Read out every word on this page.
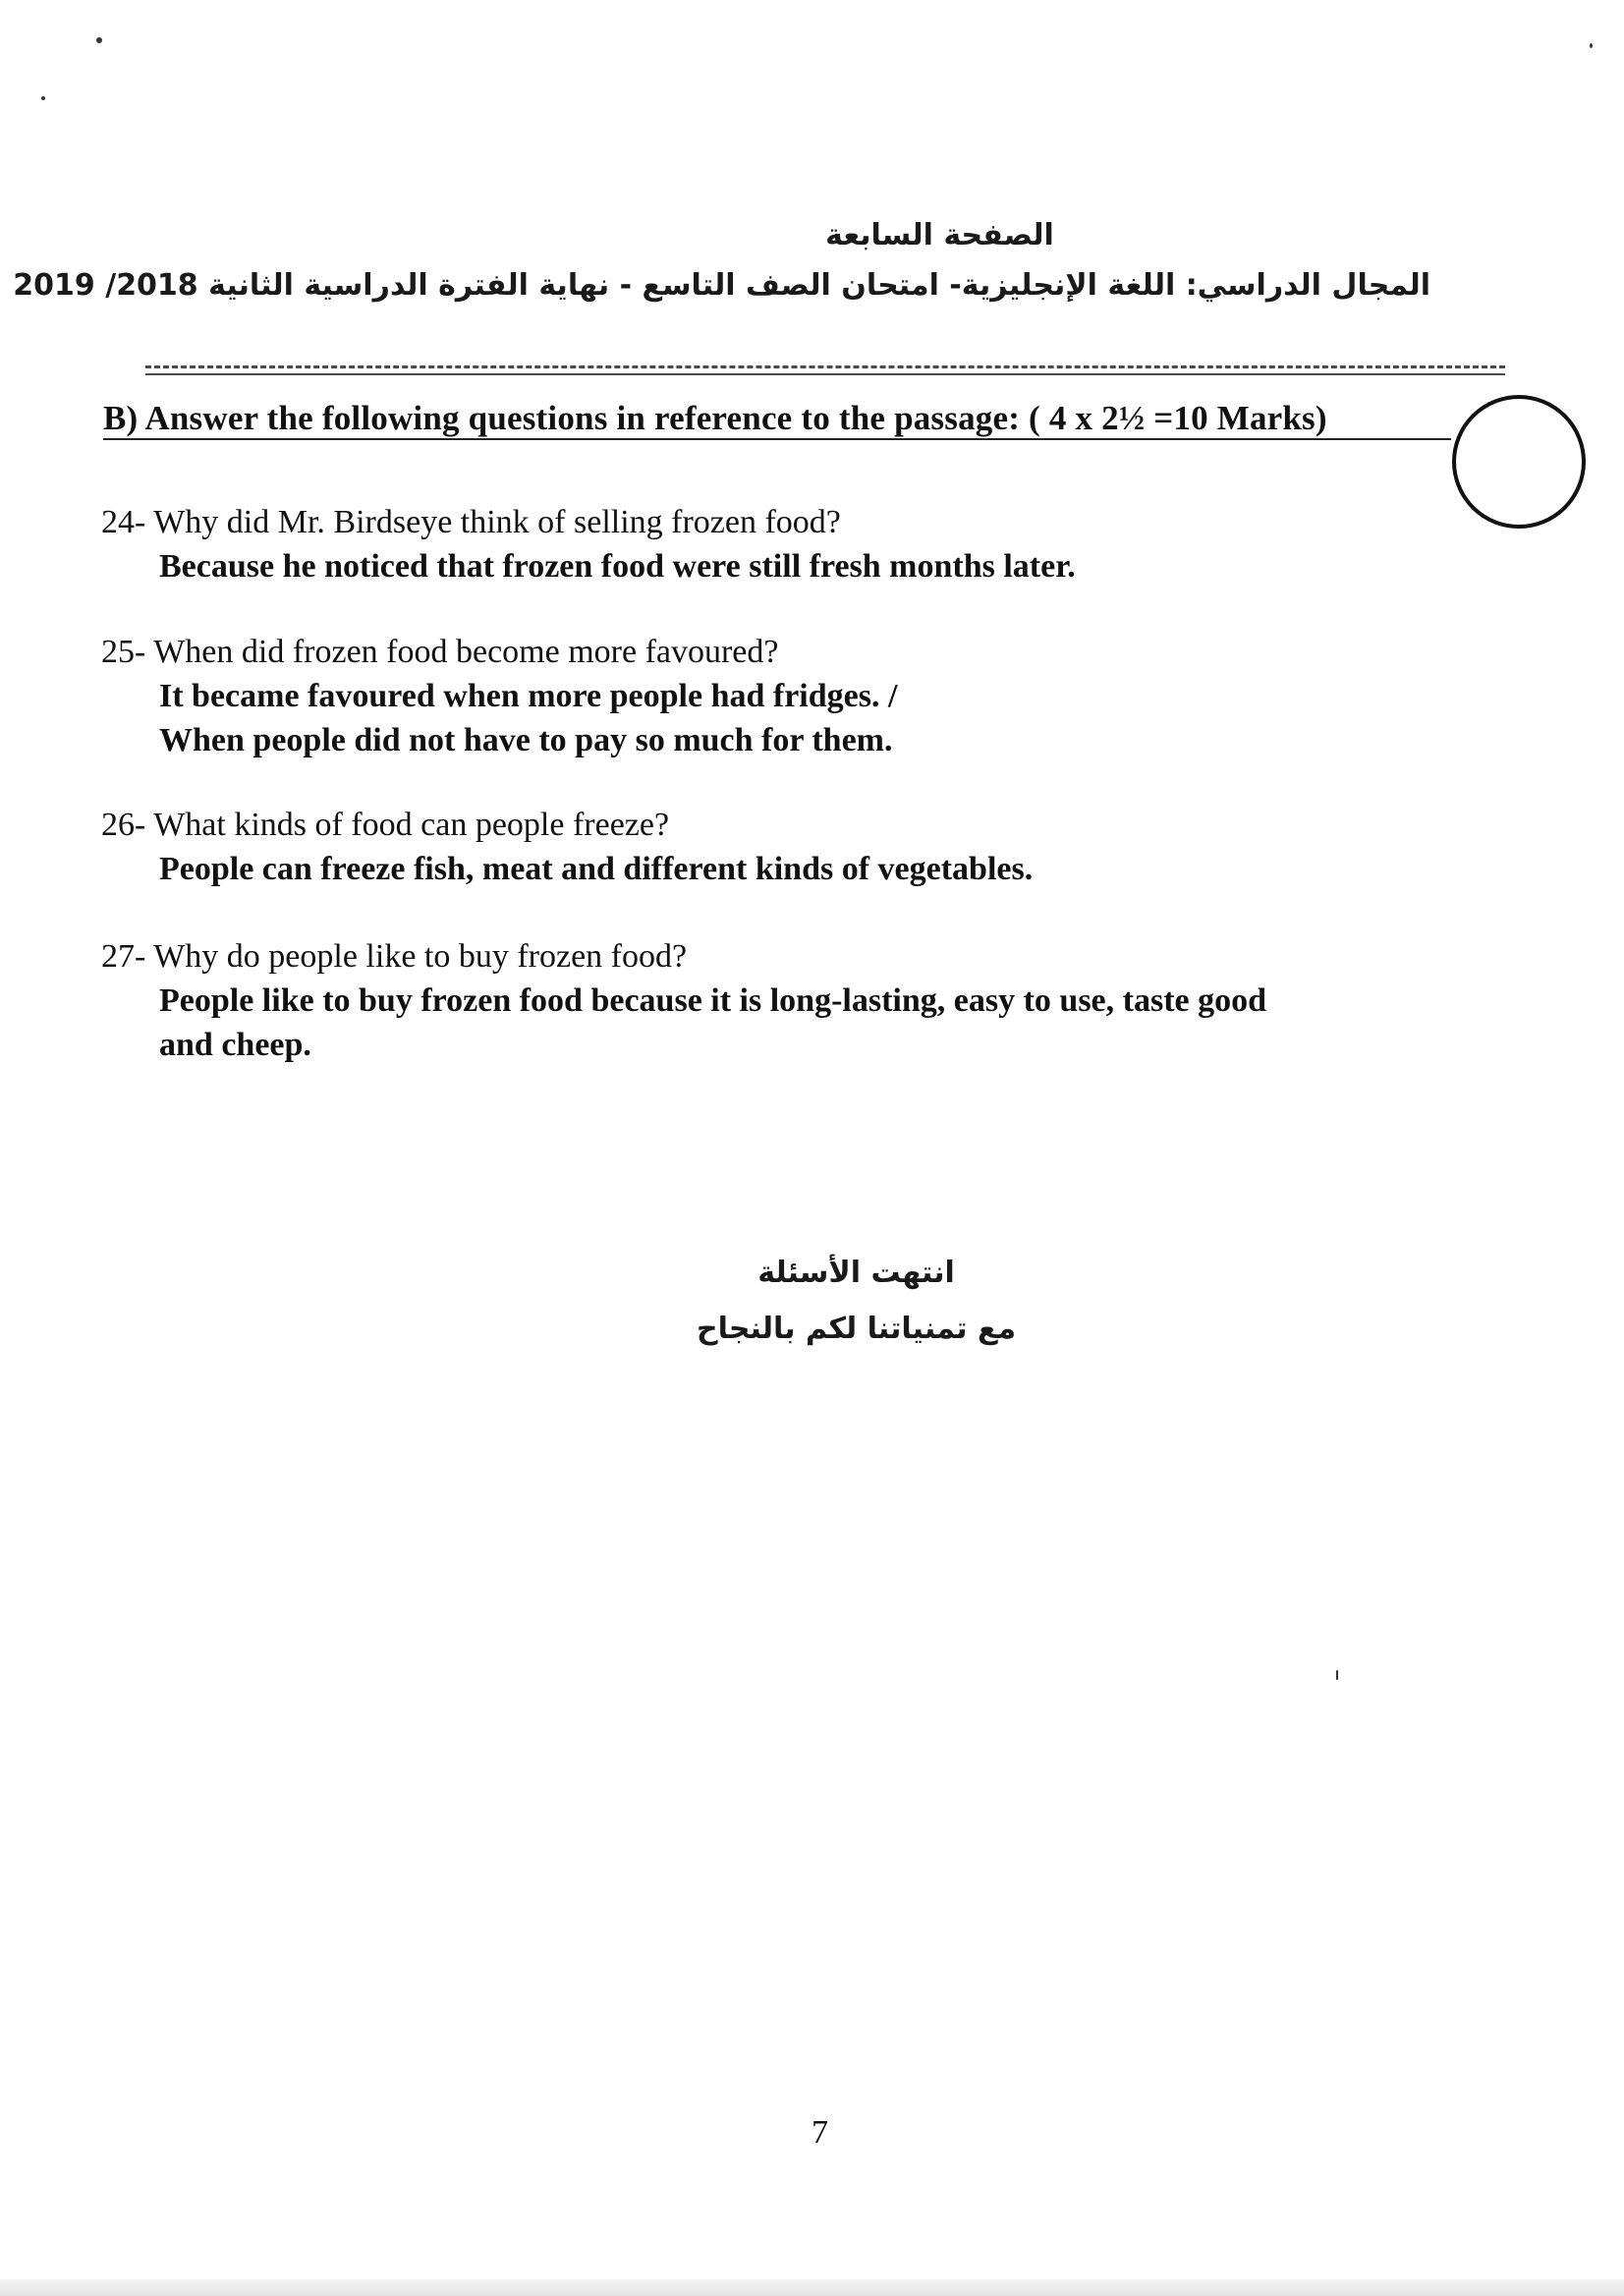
الصفحة السابعة
المجال الدراسي: اللغة الإنجليزية- امتحان الصف التاسع - نهاية الفترة الدراسية الثانية 2018/ 2019
B) Answer the following questions in reference to the passage: ( 4 x 2½ =10 Marks)
24- Why did Mr. Birdseye think of selling frozen food?
Because he noticed that frozen food were still fresh months later.
25- When did frozen food become more favoured?
It became favoured when more people had fridges. /
When people did not have to pay so much for them.
26- What kinds of food can people freeze?
People can freeze fish, meat and different kinds of vegetables.
27- Why do people like to buy frozen food?
People like to buy frozen food because it is long-lasting, easy to use, taste good
and cheep.
انتهت الأسئلة
مع تمنياتنا لكم بالنجاح
7
